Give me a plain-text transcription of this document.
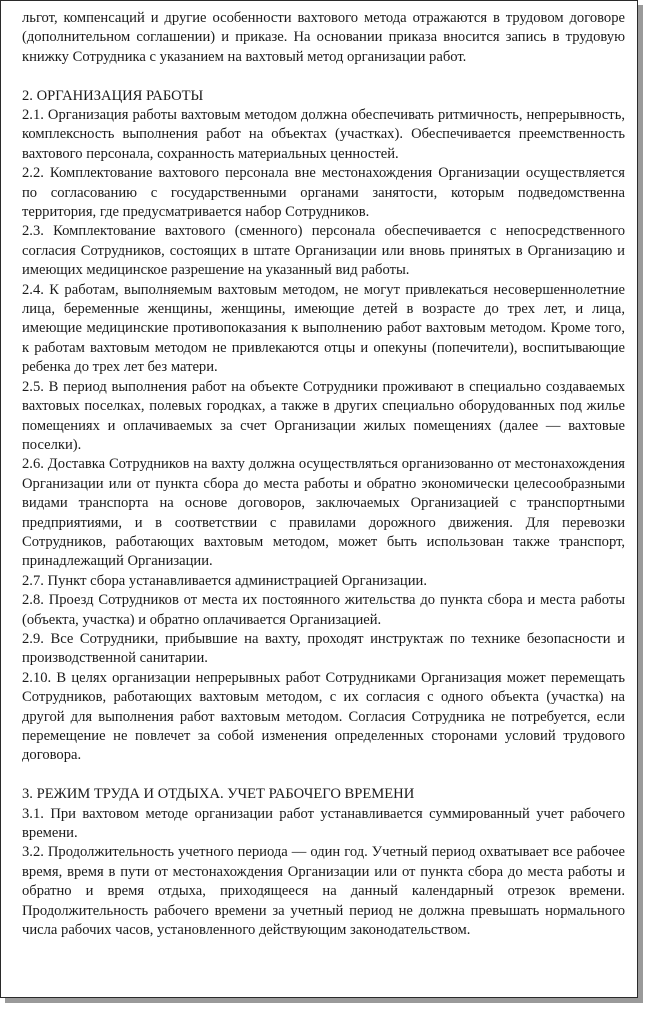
льгот, компенсаций и другие особенности вахтового метода отражаются в трудовом договоре (дополнительном соглашении) и приказе. На основании приказа вносится запись в трудовую книжку Сотрудника с указанием на вахтовый метод организации работ.

2. ОРГАНИЗАЦИЯ РАБОТЫ

2.1. Организация работы вахтовым методом должна обеспечивать ритмичность, непрерывность, комплексность выполнения работ на объектах (участках). Обеспечивается преемственность вахтового персонала, сохранность материальных ценностей.

2.2. Комплектование вахтового персонала вне местонахождения Организации осуществляется по согласованию с государственными органами занятости, которым подведомственна территория, где предусматривается набор Сотрудников.

2.3. Комплектование вахтового (сменного) персонала обеспечивается с непосредственного согласия Сотрудников, состоящих в штате Организации или вновь принятых в Организацию и имеющих медицинское разрешение на указанный вид работы.

2.4. К работам, выполняемым вахтовым методом, не могут привлекаться несовершеннолетние лица, беременные женщины, женщины, имеющие детей в возрасте до трех лет, и лица, имеющие медицинские противопоказания к выполнению работ вахтовым методом. Кроме того, к работам вахтовым методом не привлекаются отцы и опекуны (попечители), воспитывающие ребенка до трех лет без матери.

2.5. В период выполнения работ на объекте Сотрудники проживают в специально создаваемых вахтовых поселках, полевых городках, а также в других специально оборудованных под жилье помещениях и оплачиваемых за счет Организации жилых помещениях (далее — вахтовые поселки).

2.6. Доставка Сотрудников на вахту должна осуществляться организованно от местонахождения Организации или от пункта сбора до места работы и обратно экономически целесообразными видами транспорта на основе договоров, заключаемых Организацией с транспортными предприятиями, и в соответствии с правилами дорожного движения. Для перевозки Сотрудников, работающих вахтовым методом, может быть использован также транспорт, принадлежащий Организации.

2.7. Пункт сбора устанавливается администрацией Организации.

2.8. Проезд Сотрудников от места их постоянного жительства до пункта сбора и места работы (объекта, участка) и обратно оплачивается Организацией.

2.9. Все Сотрудники, прибывшие на вахту, проходят инструктаж по технике безопасности и производственной санитарии.

2.10. В целях организации непрерывных работ Сотрудниками Организация может перемещать Сотрудников, работающих вахтовым методом, с их согласия с одного объекта (участка) на другой для выполнения работ вахтовым методом. Согласия Сотрудника не потребуется, если перемещение не повлечет за собой изменения определенных сторонами условий трудового договора.

3. РЕЖИМ ТРУДА И ОТДЫХА. УЧЕТ РАБОЧЕГО ВРЕМЕНИ

3.1. При вахтовом методе организации работ устанавливается суммированный учет рабочего времени.

3.2. Продолжительность учетного периода — один год. Учетный период охватывает все рабочее время, время в пути от местонахождения Организации или от пункта сбора до места работы и обратно и время отдыха, приходящееся на данный календарный отрезок времени. Продолжительность рабочего времени за учетный период не должна превышать нормального числа рабочих часов, установленного действующим законодательством.
